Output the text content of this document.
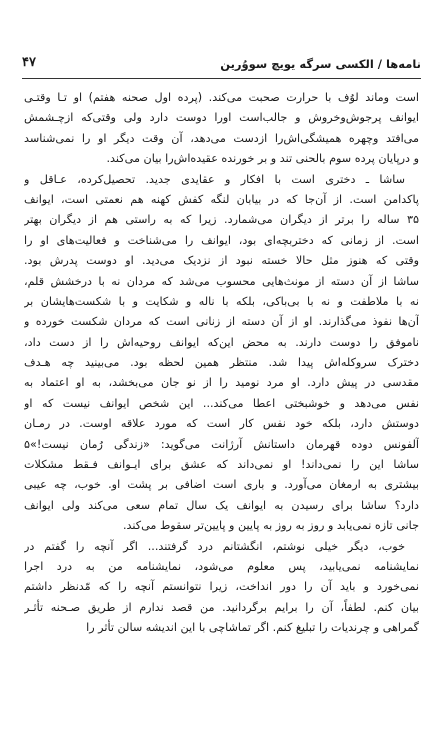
نامه‌ها / الکسی سرگه یویچ سووُرین
۴۷
است وماند لوُف با حرارت صحبت می‌کند. (پرده اول صحنه هفتم) او تـا وقتـی
ایوانف پرجوش‌وخروش و جالب‌است اورا دوست دارد ولی وقتی‌که ازچـشمش
می‌افتد وچهره همیشگی‌اش‌را ازدست می‌دهد، آن وقت دیگر او را نمی‌شناسد
و درپایان پرده سوم بالحنی تند و بر خورنده عقیده‌اش‌را بیان می‌کند.
ساشا ـ دختری است با افکار و عقایدی جدید. تحصیل‌کرده، عـاقل و
پاکدامن است. از آن‌جا که در بیابان لنگه کفش کهنه هم نعمتی است، ایوانف
۳۵ ساله را برتر از دیگران می‌شمارد. زیرا که به راستی هم از دیگران بهتر
است. از زمانی که دختربچه‌ای بود، ایوانف را می‌شناخت و فعالیت‌های او را
وقتی که هنوز مثل حالا خسته نبود از نزدیک می‌دید. او دوست پدرش بود.
ساشا از آن دسته از مونث‌هایی محسوب می‌شد که مردان نه با درخشش قلم،
نه با ملاطفت و نه با بی‌باکی، بلکه با ناله و شکایت و با شکست‌هایشان بر
آن‌ها نفوذ می‌گذارند. او از آن دسته از زنانی است که مردان شکست خورده و
ناموفق را دوست دارند. به محض این‌که ایوانف روحیه‌اش را از دست داد،
دخترک سروکله‌اش پیدا شد. منتظر همین لحظه بود. می‌بینید چه هـدف
مقدسی در پیش دارد. او مرد نومید را از نو جان می‌بخشد، به او اعتماد به
نفس می‌دهد و خوشبختی اعطا می‌کند... این شخص ایوانف نیست که او
دوستش دارد، بلکه خود نفس کار است که مورد علاقه اوست. در رمـان
آلفونس دوده قهرمان داستانش آرژانت می‌گوید: «زندگی رُمان نیست!»۵
ساشا این را نمی‌داند! او نمی‌داند که عشق برای ایـوانف فـقط مشکلات
بیشتری به ارمغان می‌آورد. و باری است اضافی بر پشت او. خوب، چه عیبی
دارد؟ ساشا برای رسیدن به ایوانف یک سال تمام سعی می‌کند ولی ایوانف
جانی تازه نمی‌یابد و روز به روز به پایین و پایین‌تر سقوط می‌کند.
خوب، دیگر خیلی نوشتم، انگشتانم درد گرفتند... اگر آنچه را گفتم در
نمایشنامه نمی‌یابید، پس معلوم می‌شود، نمایشنامه من به درد اجرا
نمی‌خورد و باید آن را دور انداخت، زیرا نتوانستم آنچه را که مّدنظر داشتم
بیان کنم. لطفاً، آن را برایم برگردانید. من قصد ندارم از طریق صـحنه تأثـر
گمراهی و چرندیات را تبلیغ کنم. اگر تماشاچی با این اندیشه سالن تأثر را
